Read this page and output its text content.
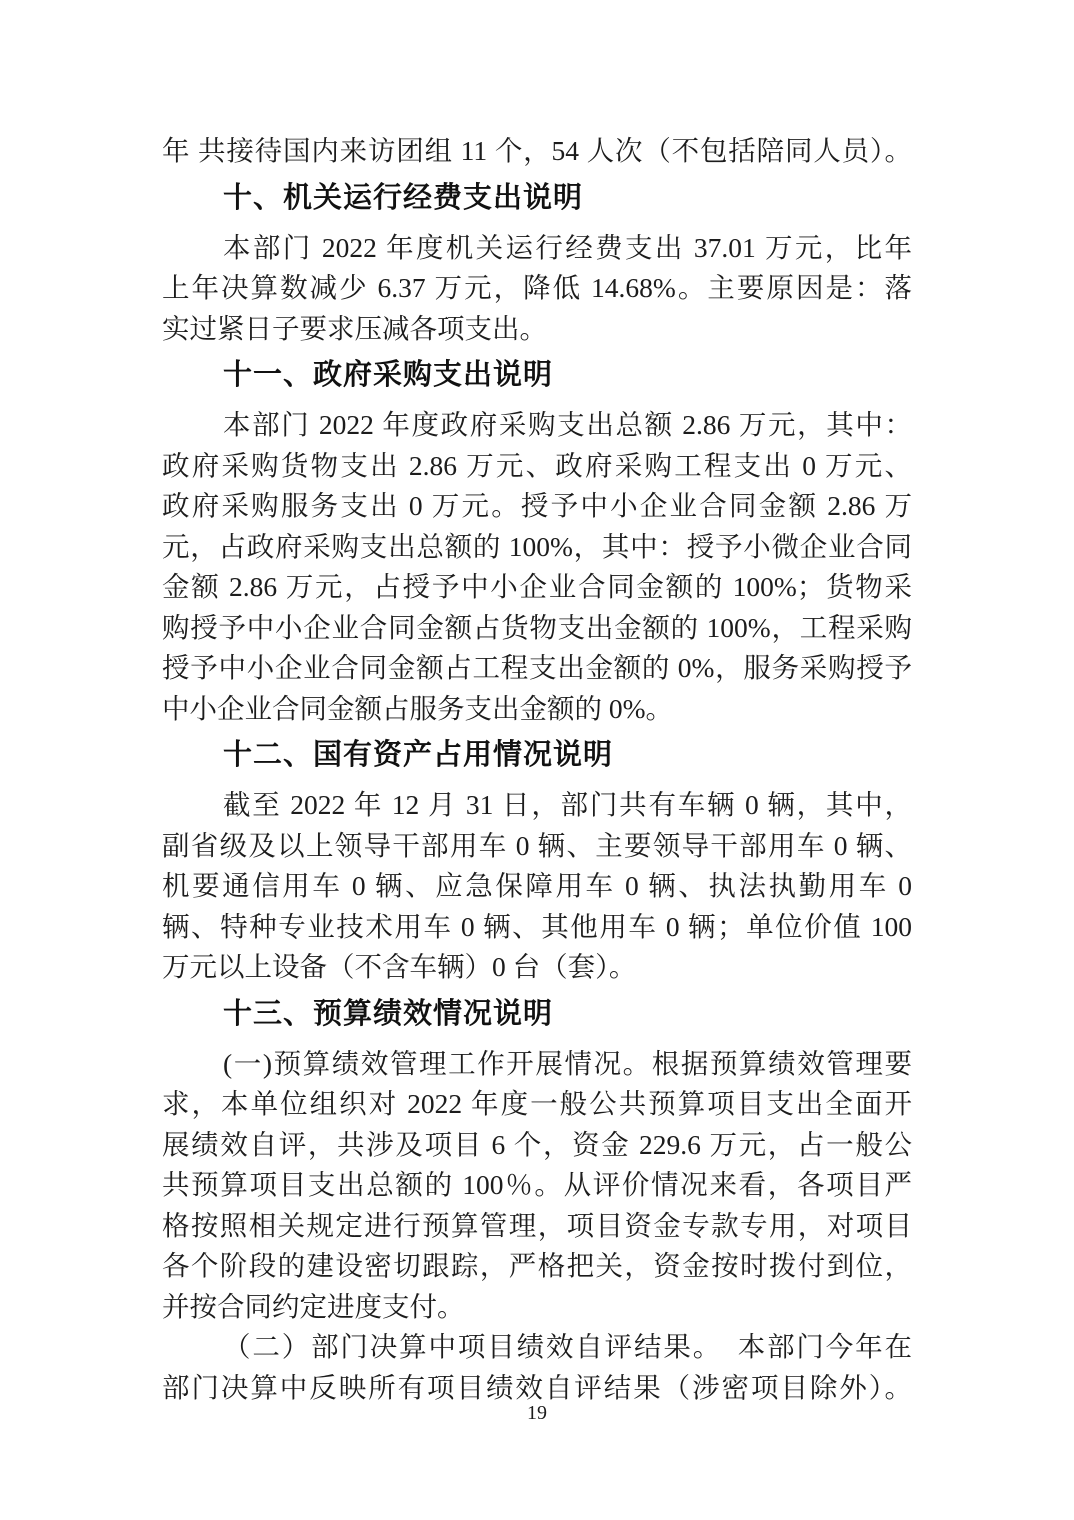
年 共接待国内来访团组 11 个，54 人次（不包括陪同人员）。
十、机关运行经费支出说明
本部门 2022 年度机关运行经费支出 37.01 万元，比年
上年决算数减少 6.37 万元，降低 14.68%。主要原因是：落
实过紧日子要求压减各项支出。
十一、政府采购支出说明
本部门 2022 年度政府采购支出总额 2.86 万元，其中：
政府采购货物支出 2.86 万元、政府采购工程支出 0 万元、
政府采购服务支出 0 万元。授予中小企业合同金额 2.86 万
元，占政府采购支出总额的 100%，其中：授予小微企业合同
金额 2.86 万元，占授予中小企业合同金额的 100%；货物采
购授予中小企业合同金额占货物支出金额的 100%，工程采购
授予中小企业合同金额占工程支出金额的 0%，服务采购授予
中小企业合同金额占服务支出金额的 0%。
十二、国有资产占用情况说明
截至 2022 年 12 月 31 日，部门共有车辆 0 辆，其中，
副省级及以上领导干部用车 0 辆、主要领导干部用车 0 辆、
机要通信用车 0 辆、应急保障用车 0 辆、执法执勤用车 0
辆、特种专业技术用车 0 辆、其他用车 0 辆；单位价值 100
万元以上设备（不含车辆）0 台（套）。
十三、预算绩效情况说明
(一)预算绩效管理工作开展情况。根据预算绩效管理要
求，本单位组织对 2022 年度一般公共预算项目支出全面开
展绩效自评，共涉及项目 6 个，资金 229.6 万元，占一般公
共预算项目支出总额的 100％。从评价情况来看，各项目严
格按照相关规定进行预算管理，项目资金专款专用，对项目
各个阶段的建设密切跟踪，严格把关，资金按时拨付到位，
并按合同约定进度支付。
（二）部门决算中项目绩效自评结果。　本部门今年在
部门决算中反映所有项目绩效自评结果（涉密项目除外）。
19
